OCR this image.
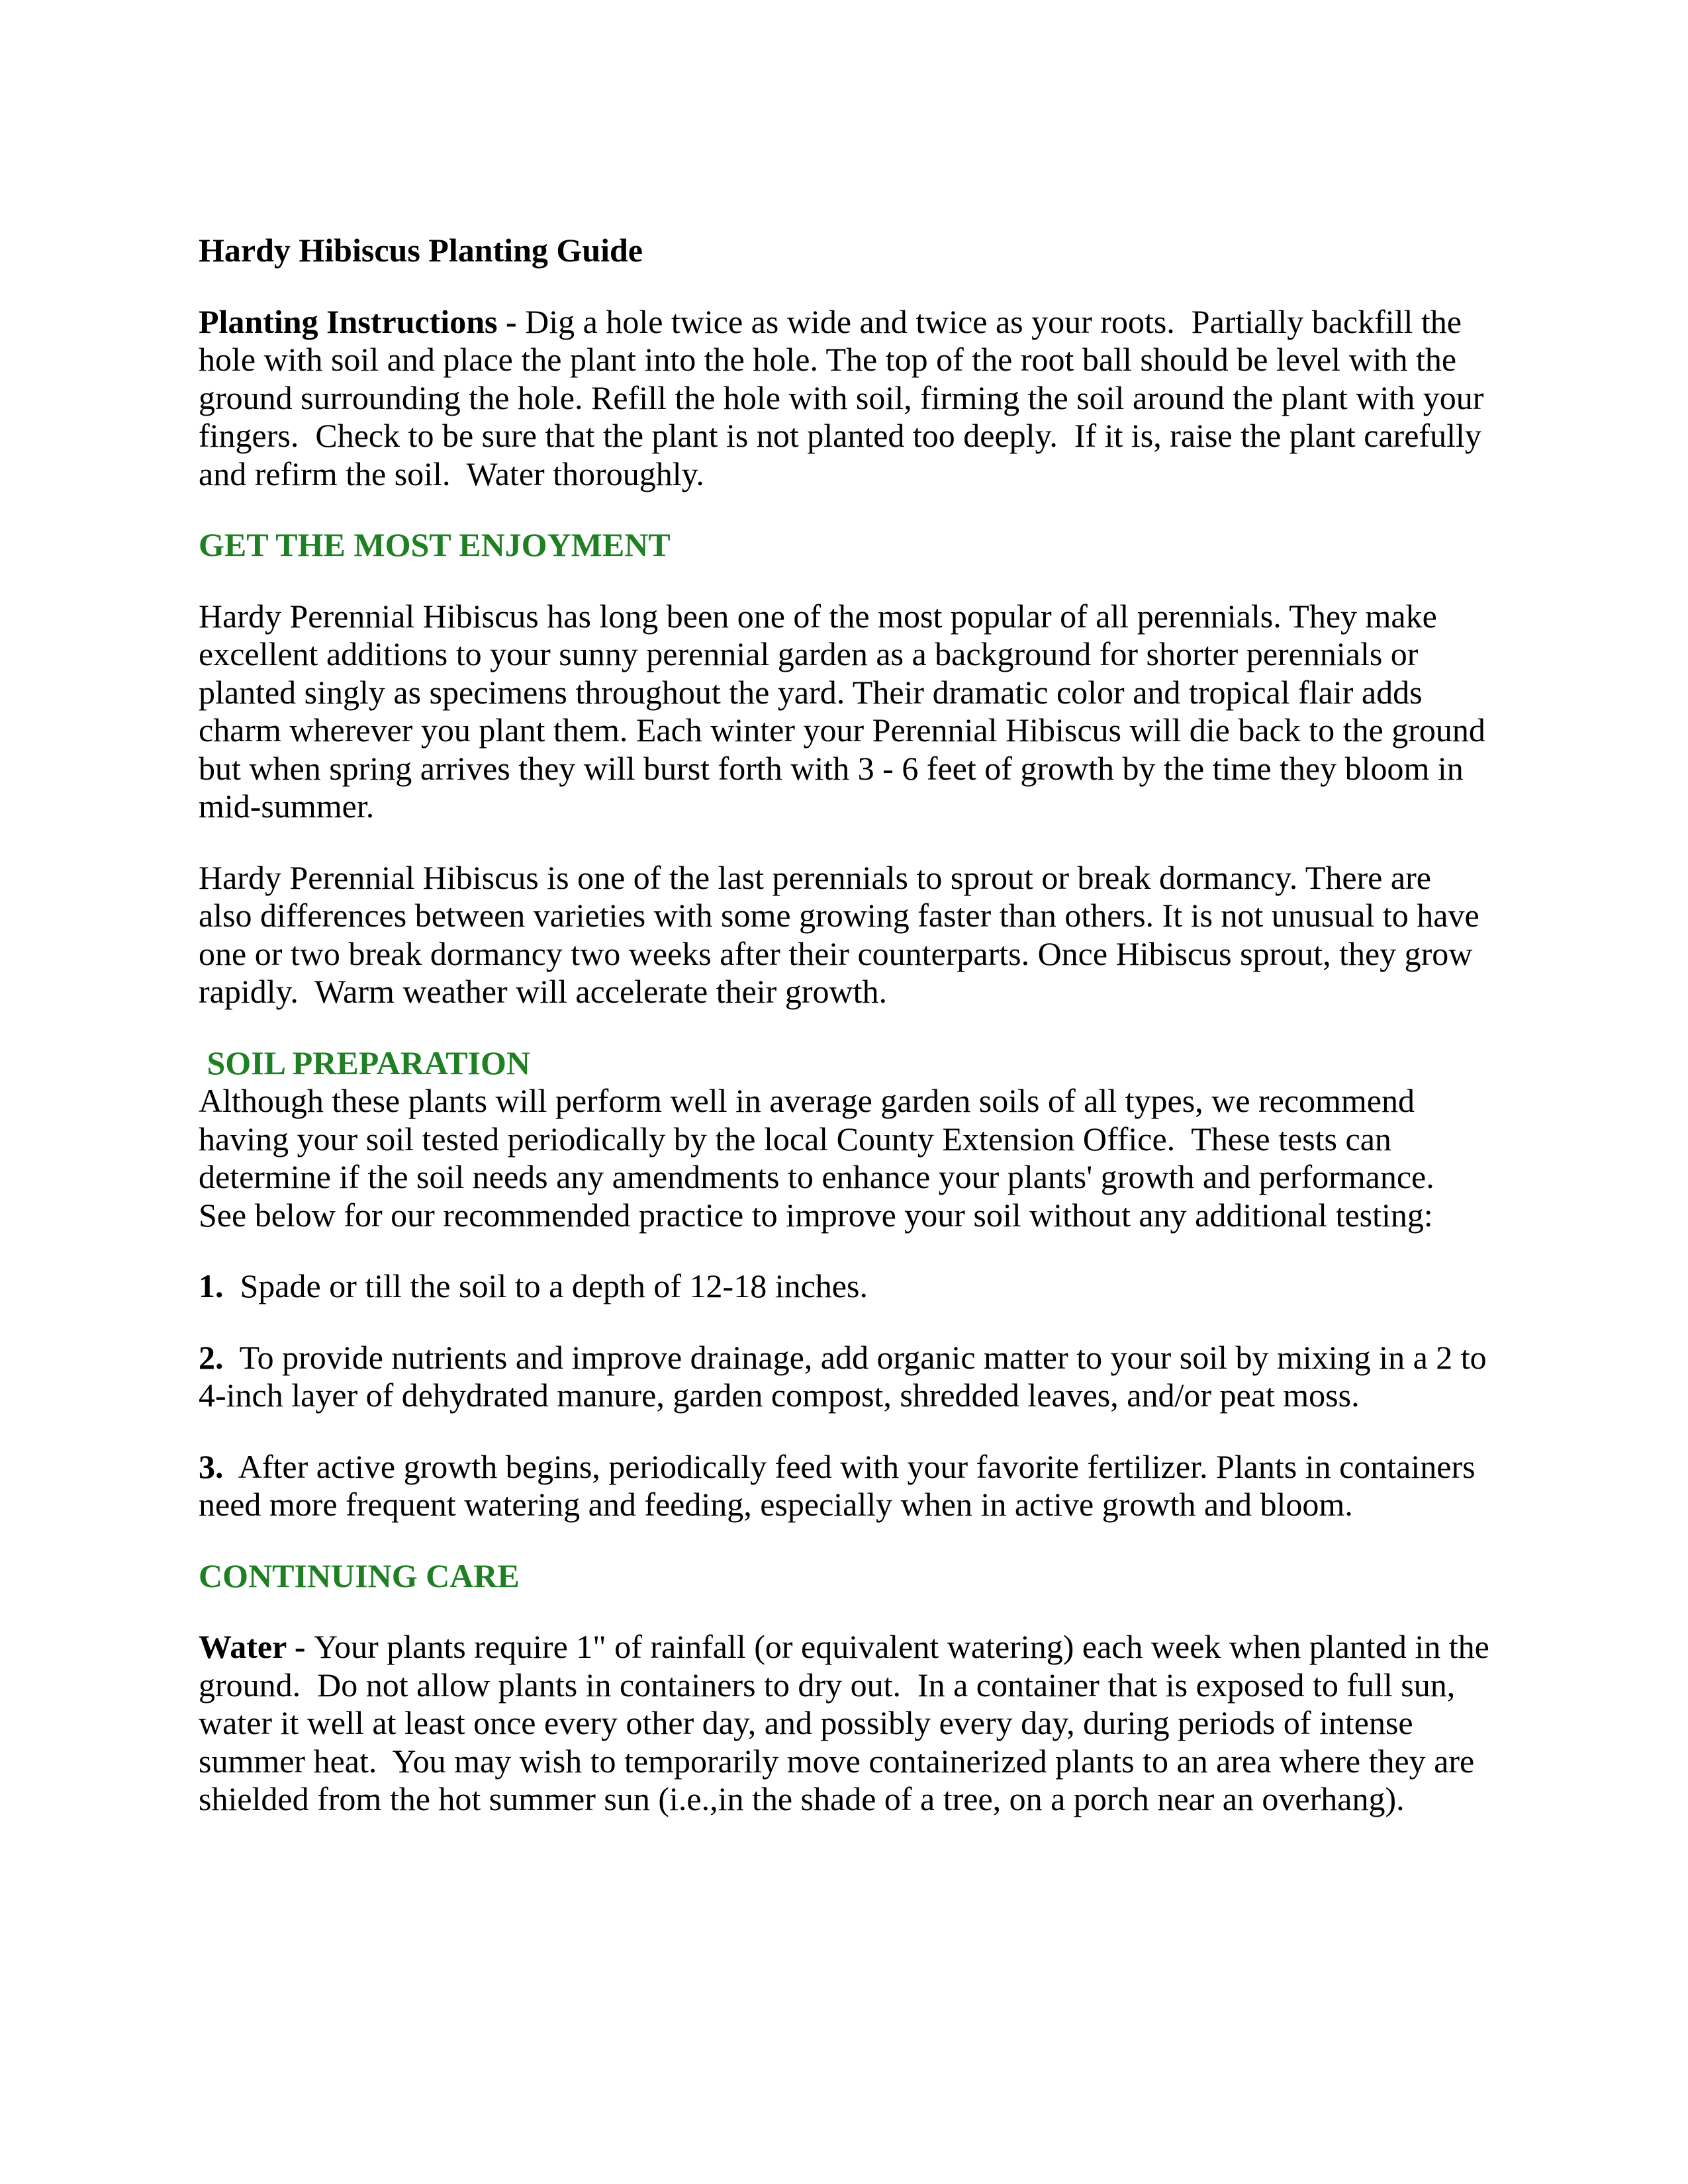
Hardy Hibiscus Planting Guide

Planting Instructions - Dig a hole twice as wide and twice as your roots.  Partially backfill the hole with soil and place the plant into the hole. The top of the root ball should be level with the ground surrounding the hole. Refill the hole with soil, firming the soil around the plant with your fingers.  Check to be sure that the plant is not planted too deeply.  If it is, raise the plant carefully and refirm the soil.  Water thoroughly.

GET THE MOST ENJOYMENT

Hardy Perennial Hibiscus has long been one of the most popular of all perennials. They make excellent additions to your sunny perennial garden as a background for shorter perennials or planted singly as specimens throughout the yard. Their dramatic color and tropical flair adds charm wherever you plant them. Each winter your Perennial Hibiscus will die back to the ground but when spring arrives they will burst forth with 3 - 6 feet of growth by the time they bloom in mid-summer.

Hardy Perennial Hibiscus is one of the last perennials to sprout or break dormancy. There are also differences between varieties with some growing faster than others. It is not unusual to have one or two break dormancy two weeks after their counterparts. Once Hibiscus sprout, they grow rapidly.  Warm weather will accelerate their growth.

SOIL PREPARATION

Although these plants will perform well in average garden soils of all types, we recommend having your soil tested periodically by the local County Extension Office.  These tests can determine if the soil needs any amendments to enhance your plants' growth and performance.  See below for our recommended practice to improve your soil without any additional testing:

1.  Spade or till the soil to a depth of 12-18 inches.

2.  To provide nutrients and improve drainage, add organic matter to your soil by mixing in a 2 to 4-inch layer of dehydrated manure, garden compost, shredded leaves, and/or peat moss.

3.  After active growth begins, periodically feed with your favorite fertilizer. Plants in containers need more frequent watering and feeding, especially when in active growth and bloom.

CONTINUING CARE

Water - Your plants require 1" of rainfall (or equivalent watering) each week when planted in the ground.  Do not allow plants in containers to dry out.  In a container that is exposed to full sun, water it well at least once every other day, and possibly every day, during periods of intense summer heat.  You may wish to temporarily move containerized plants to an area where they are shielded from the hot summer sun (i.e.,in the shade of a tree, on a porch near an overhang).
